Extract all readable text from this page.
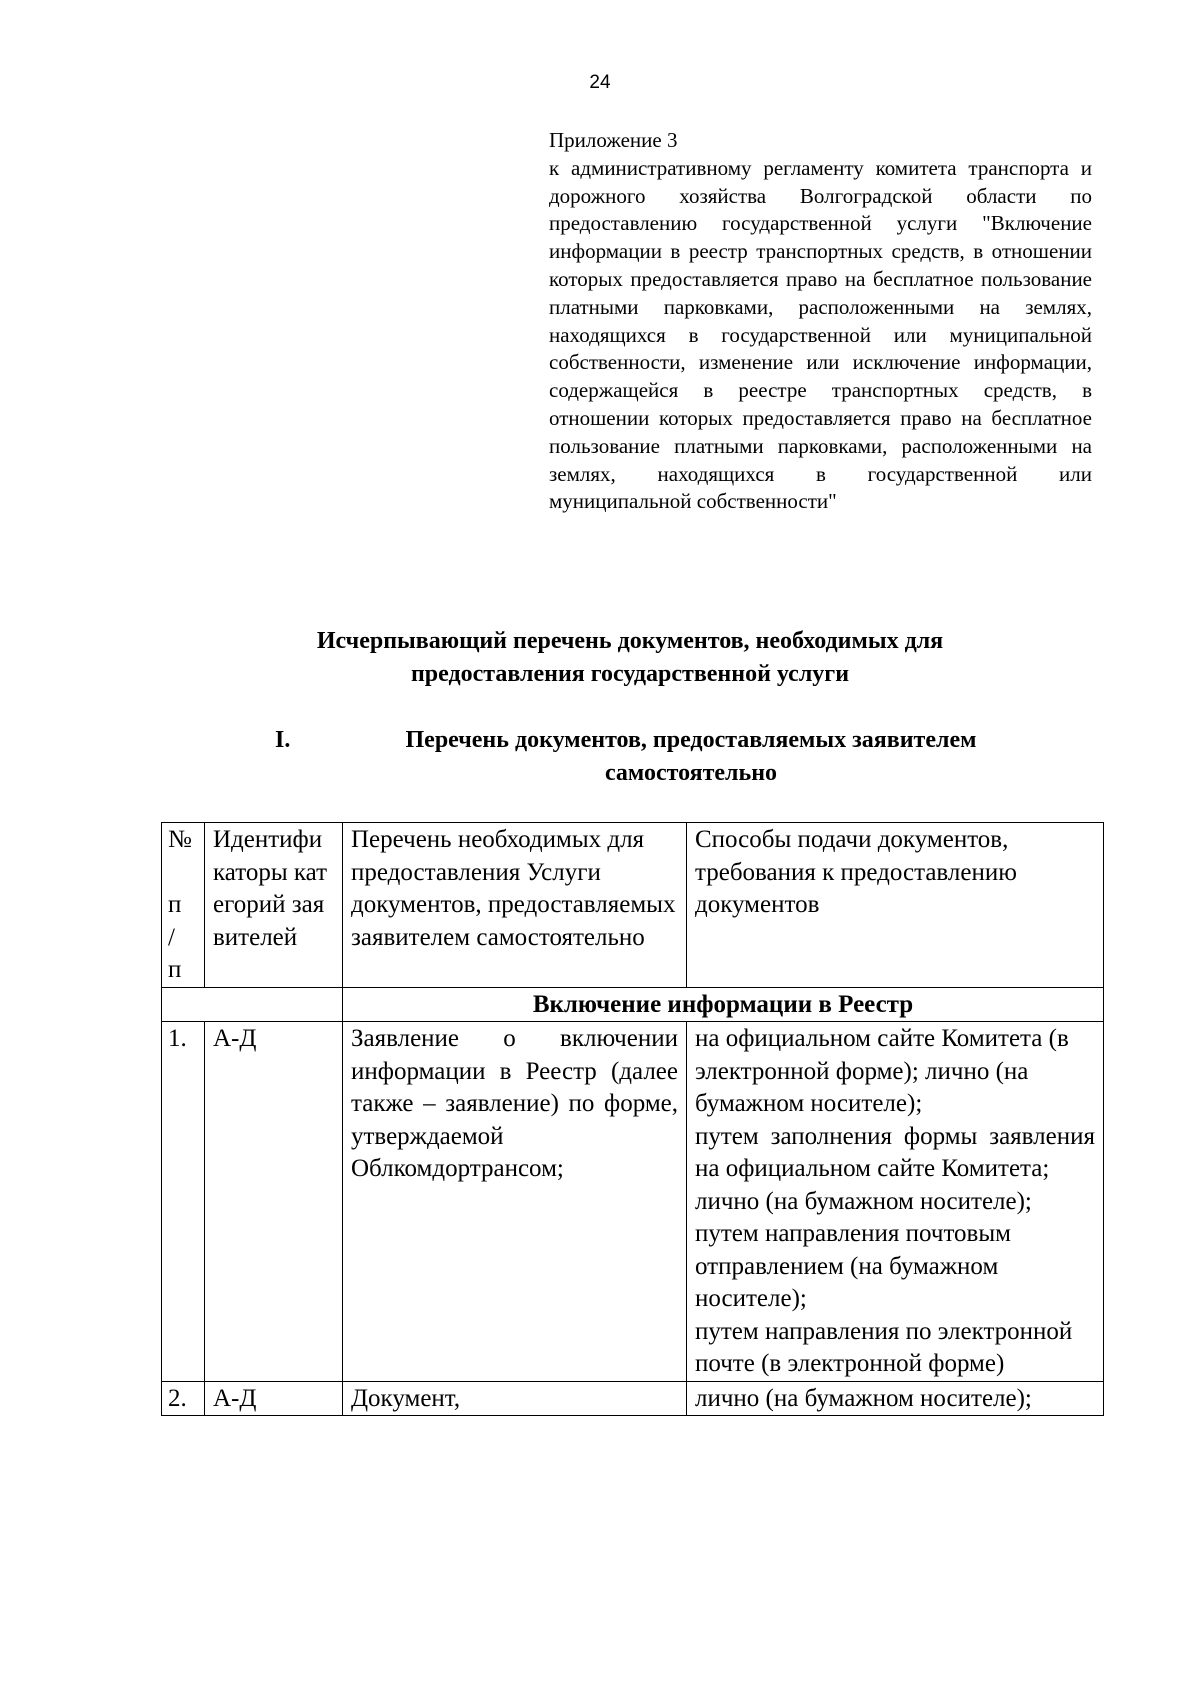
24
Приложение 3
к административному регламенту комитета транспорта и дорожного хозяйства Волгоградской области по предоставлению государственной услуги "Включение информации в реестр транспортных средств, в отношении которых предоставляется право на бесплатное пользование платными парковками, расположенными на землях, находящихся в государственной или муниципальной собственности, изменение или исключение информации, содержащейся в реестре транспортных средств, в отношении которых предоставляется право на бесплатное пользование платными парковками, расположенными на землях, находящихся в государственной или муниципальной собственности"
Исчерпывающий перечень документов, необходимых для
предоставления государственной услуги
I.	Перечень документов, предоставляемых заявителем
самостоятельно
№
п
/
п	Идентификаторы категорий заявителей	Перечень необходимых для предоставления Услуги документов, предоставляемых заявителем самостоятельно	Способы подачи документов, требования к предоставлению документов
		Включение информации в Реестр	
1.	А-Д	Заявление о включении информации в Реестр (далее также – заявление) по форме, утверждаемой Облкомдортрансом;	на официальном сайте Комитета (в электронной форме); лично (на бумажном носителе);
путем заполнения формы заявления на официальном сайте Комитета;
лично (на бумажном носителе);
путем направления почтовым отправлением (на бумажном носителе);
путем направления по электронной почте (в электронной форме)

2.	А-Д	Документ,	лично (на бумажном носителе);
